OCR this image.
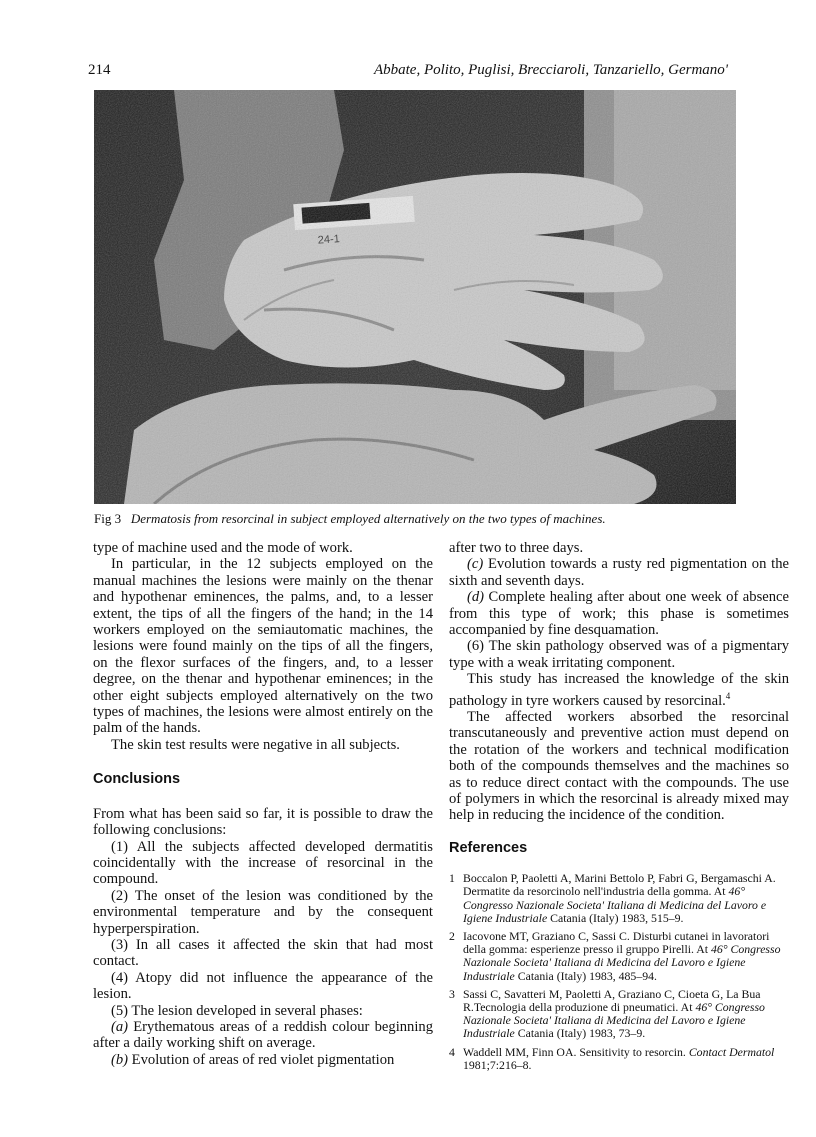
214	Abbate, Polito, Puglisi, Brecciaroli, Tanzariello, Germano'
Fig 3 Dermatosis from resorcinal in subject employed alternatively on the two types of machines.

type of machine used and the mode of work.

In particular, in the 12 subjects employed on the manual machines the lesions were mainly on the thenar and hypothenar eminences, the palms, and, to a lesser extent, the tips of all the fingers of the hand; in the 14 workers employed on the semiautomatic machines, the lesions were found mainly on the tips of all the fingers, on the flexor surfaces of the fingers, and, to a lesser degree, on the thenar and hypothenar eminences; in the other eight subjects employed alternatively on the two types of machines, the lesions were almost entirely on the palm of the hands.

The skin test results were negative in all subjects.

Conclusions

From what has been said so far, it is possible to draw the following conclusions:

(1) All the subjects affected developed dermatitis coincidentally with the increase of resorcinal in the compound.

(2) The onset of the lesion was conditioned by the environmental temperature and by the consequent hyperperspiration.

(3) In all cases it affected the skin that had most contact.

(4) Atopy did not influence the appearance of the lesion.

(5) The lesion developed in several phases:

(a) Erythematous areas of a reddish colour beginning after a daily working shift on average.

(b) Evolution of areas of red violet pigmentation

after two to three days.

(c) Evolution towards a rusty red pigmentation on the sixth and seventh days.

(d) Complete healing after about one week of absence from this type of work; this phase is sometimes accompanied by fine desquamation.

(6) The skin pathology observed was of a pigmentary type with a weak irritating component.

This study has increased the knowledge of the skin pathology in tyre workers caused by resorcinal.$^4$

The affected workers absorbed the resorcinal transcutaneously and preventive action must depend on the rotation of the workers and technical modification both of the compounds themselves and the machines so as to reduce direct contact with the compounds. The use of polymers in which the resorcinal is already mixed may help in reducing the incidence of the condition.

References
1 Boccalon P, Paoletti A, Marini Bettolo P, Fabri G, Bergamaschi A. Dermatite da resorcinolo nell'industria della gomma. At 46° Congresso Nazionale Societa' Italiana di Medicina del Lavoro e Igiene Industriale Catania (Italy) 1983, 515–9.
2 Iacovone MT, Graziano C, Sassi C. Disturbi cutanei in lavoratori della gomma: esperienze presso il gruppo Pirelli. At 46° Congresso Nazionale Societa' Italiana di Medicina del Lavoro e Igiene Industriale Catania (Italy) 1983, 485–94.
3 Sassi C, Savatteri M, Paoletti A, Graziano C, Cioeta G, La Bua R.Tecnologia della produzione di pneumatici. At 46° Congresso Nazionale Societa' Italiana di Medicina del Lavoro e Igiene Industriale Catania (Italy) 1983, 73–9.
4 Waddell MM, Finn OA. Sensitivity to resorcin. Contact Dermatol 1981;7:216–8.
